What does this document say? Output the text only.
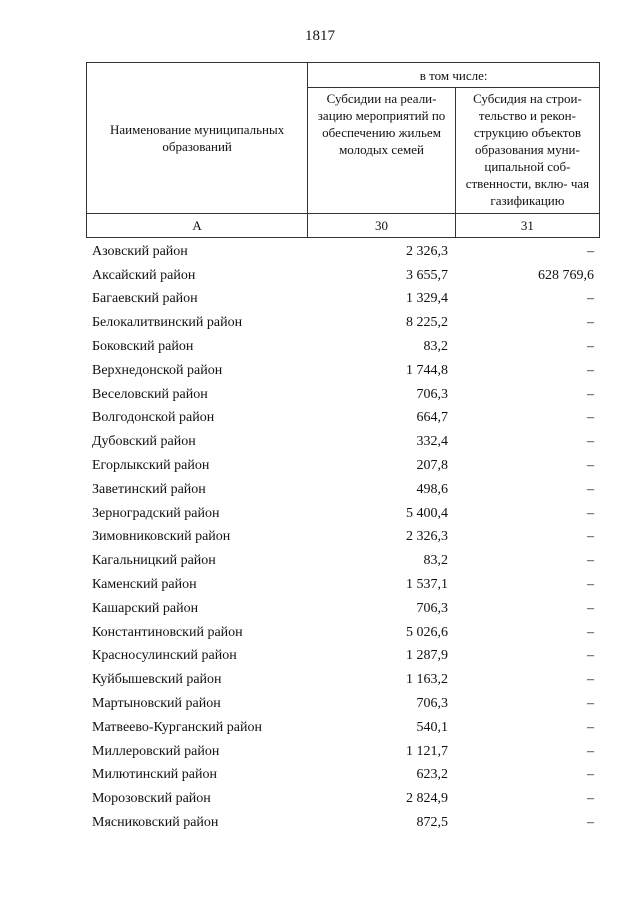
1817
Наименование муниципальных образований	в том числе:	
	Субсидии на реали- зацию мероприятий по обеспечению жильем молодых семей	Субсидия на строи- тельство и рекон- струкцию объектов образования муни- ципальной соб- ственности, вклю- чая газификацию
А	30	31
Азовский район	2 326,3	–
Аксайский район	3 655,7	628 769,6
Багаевский район	1 329,4	–
Белокалитвинский район	8 225,2	–
Боковский район	83,2	–
Верхнедонской район	1 744,8	–
Веселовский район	706,3	–
Волгодонской район	664,7	–
Дубовский район	332,4	–
Егорлыкский район	207,8	–
Заветинский район	498,6	–
Зерноградский район	5 400,4	–
Зимовниковский район	2 326,3	–
Кагальницкий район	83,2	–
Каменский район	1 537,1	–
Кашарский район	706,3	–
Константиновский район	5 026,6	–
Красносулинский район	1 287,9	–
Куйбышевский район	1 163,2	–
Мартыновский район	706,3	–
Матвеево-Курганский район	540,1	–
Миллеровский район	1 121,7	–
Милютинский район	623,2	–
Морозовский район	2 824,9	–
Мясниковский район	872,5	–
